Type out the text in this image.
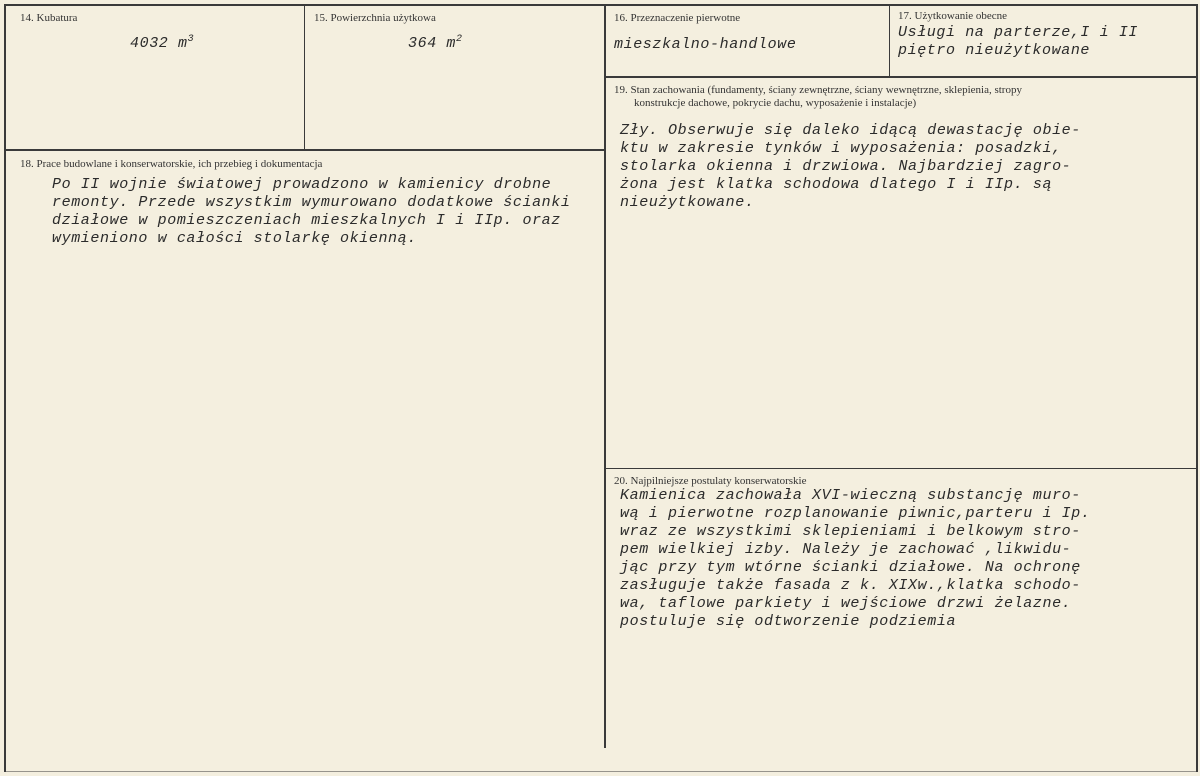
14. Kubatura
4032 $m^3$
15. Powierzchnia użytkowa
364 $m^2$
16. Przeznaczenie pierwotne
mieszkalno-handlowe
17. Użytkowanie obecne
Usługi na parterze,I i II
piętro nieużytkowane
18. Prace budowlane i konserwatorskie, ich przebieg i dokumentacja
Po II wojnie światowej prowadzono w kamienicy drobne
remonty. Przede wszystkim wymurowano dodatkowe ścianki
działowe w pomieszczeniach mieszkalnych I i IIp. oraz
wymieniono w całości stolarkę okienną.
19. Stan zachowania (fundamenty, ściany zewnętrzne, ściany wewnętrzne, sklepienia, stropy
konstrukcje dachowe, pokrycie dachu, wyposażenie i instalacje)
Zły. Obserwuje się daleko idącą dewastację obie-
ktu w zakresie tynków i wyposażenia: posadzki,
stolarka okienna i drzwiowa. Najbardziej zagro-
żona jest klatka schodowa dlatego I i IIp. są
nieużytkowane.
20. Najpilniejsze postulaty konserwatorskie
Kamienica zachowała XVI-wieczną substancję muro-
wą i pierwotne rozplanowanie piwnic,parteru i Ip.
wraz ze wszystkimi sklepieniami i belkowym stro-
pem wielkiej izby. Należy je zachować ,likwidu-
jąc przy tym wtórne ścianki działowe. Na ochronę
zasługuje także fasada z k. XIXw.,klatka schodo-
wa, taflowe parkiety i wejściowe drzwi żelazne.
postuluje się odtworzenie podziemia
